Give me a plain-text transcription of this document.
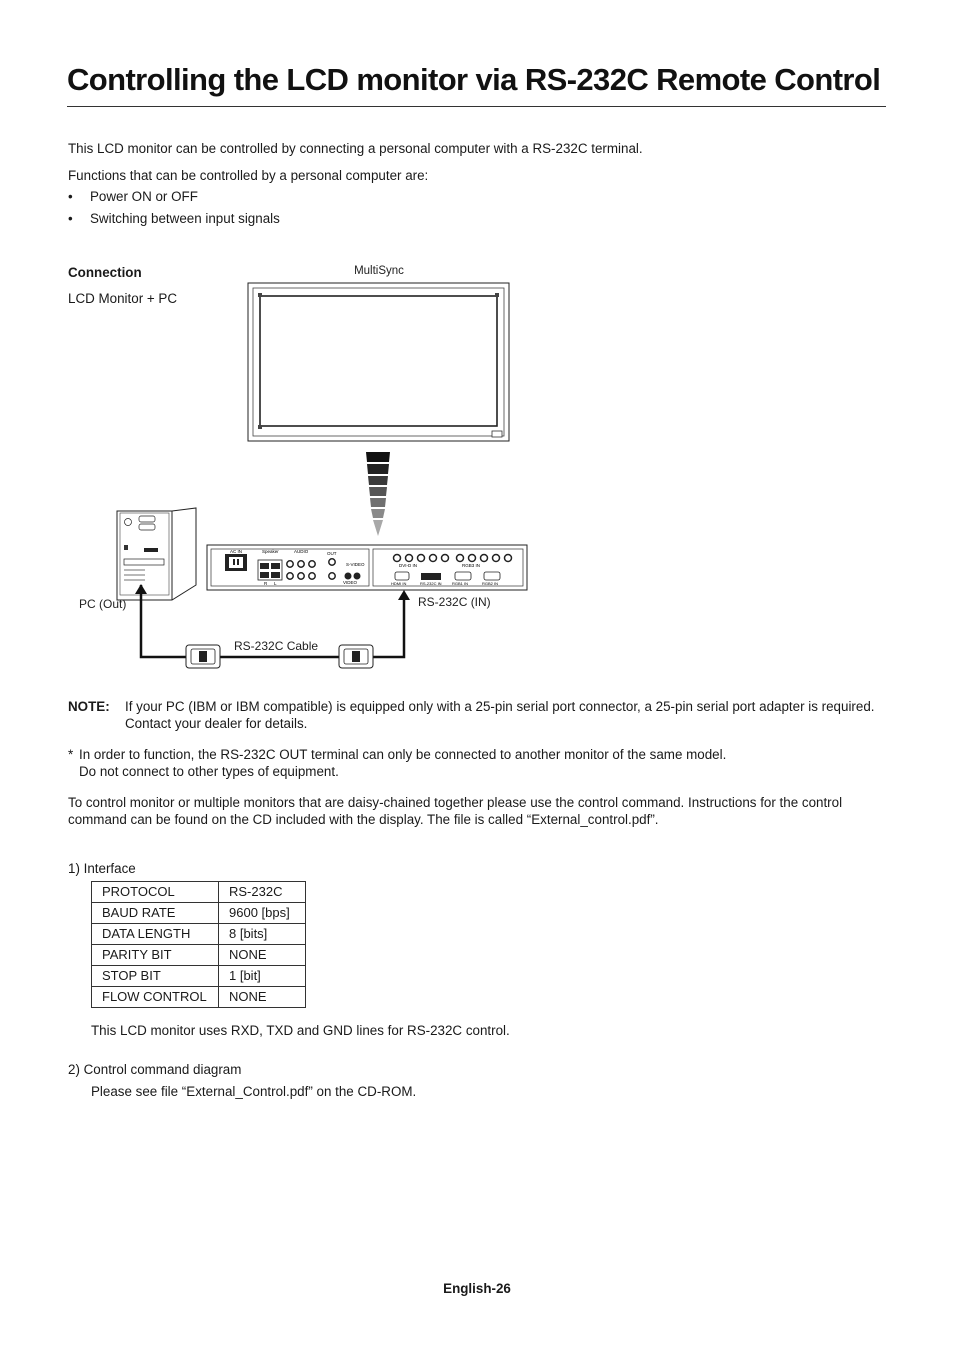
Controlling the LCD monitor via RS-232C Remote Control
This LCD monitor can be controlled by connecting a personal computer with a RS-232C terminal.
Functions that can be controlled by a personal computer are:
• Power ON or OFF
• Switching between input signals
Connection
LCD Monitor + PC
MultiSync
AC IN	Speaker
R L
AUDIO	OUT
S-VIDEO
VIDEO
DVI-D IN	RGB3 IN
HDMI IN	RS-232C IN	RGB1 IN	RGB2 IN
PC (Out)	RS-232C (IN)
RS-232C Cable
NOTE: If your PC (IBM or IBM compatible) is equipped only with a 25-pin serial port connector, a 25-pin serial port adapter is required. Contact your dealer for details.
* In order to function, the RS-232C OUT terminal can only be connected to another monitor of the same model.
Do not connect to other types of equipment.
To control monitor or multiple monitors that are daisy-chained together please use the control command. Instructions for the control command can be found on the CD included with the display. The file is called “External_control.pdf”.
1) Interface
PROTOCOL	RS-232C
BAUD RATE	9600 [bps]
DATA LENGTH	8 [bits]
PARITY BIT	NONE
STOP BIT	1 [bit]
FLOW CONTROL	NONE
This LCD monitor uses RXD, TXD and GND lines for RS-232C control.
2) Control command diagram
Please see file “External_Control.pdf” on the CD-ROM.
English-26
